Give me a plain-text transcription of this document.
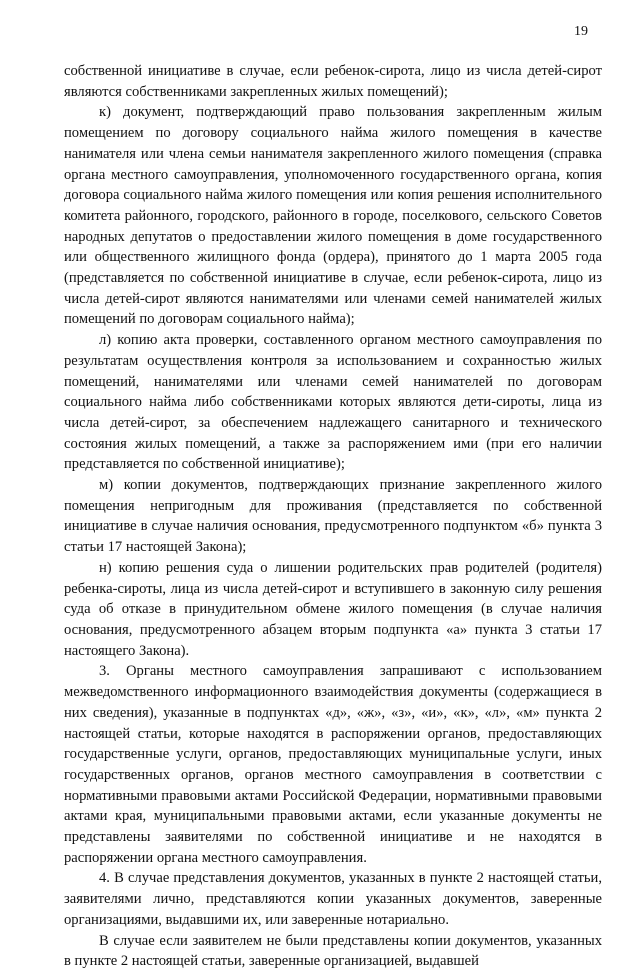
19

собственной инициативе в случае, если ребенок-сирота, лицо из числа детей-сирот являются собственниками закрепленных жилых помещений);

к) документ, подтверждающий право пользования закрепленным жилым помещением по договору социального найма жилого помещения в качестве нанимателя или члена семьи нанимателя закрепленного жилого помещения (справка органа местного самоуправления, уполномоченного государственного органа, копия договора социального найма жилого помещения или копия решения исполнительного комитета районного, городского, районного в городе, поселкового, сельского Советов народных депутатов о предоставлении жилого помещения в доме государственного или общественного жилищного фонда (ордера), принятого до 1 марта 2005 года (представляется по собственной инициативе в случае, если ребенок-сирота, лицо из числа детей-сирот являются нанимателями или членами семей нанимателей жилых помещений по договорам социального найма);

л) копию акта проверки, составленного органом местного самоуправления по результатам осуществления контроля за использованием и сохранностью жилых помещений, нанимателями или членами семей нанимателей по договорам социального найма либо собственниками которых являются дети-сироты, лица из числа детей-сирот, за обеспечением надлежащего санитарного и технического состояния жилых помещений, а также за распоряжением ими (при его наличии представляется по собственной инициативе);

м) копии документов, подтверждающих признание закрепленного жилого помещения непригодным для проживания (представляется по собственной инициативе в случае наличия основания, предусмотренного подпунктом «б» пункта 3 статьи 17 настоящей Закона);

н) копию решения суда о лишении родительских прав родителей (родителя) ребенка-сироты, лица из числа детей-сирот и вступившего в законную силу решения суда об отказе в принудительном обмене жилого помещения (в случае наличия основания, предусмотренного абзацем вторым подпункта «а» пункта 3 статьи 17 настоящего Закона).

3. Органы местного самоуправления запрашивают с использованием межведомственного информационного взаимодействия документы (содержащиеся в них сведения), указанные в подпунктах «д», «ж», «з», «и», «к», «л», «м» пункта 2 настоящей статьи, которые находятся в распоряжении органов, предоставляющих государственные услуги, органов, предоставляющих муниципальные услуги, иных государственных органов, органов местного самоуправления в соответствии с нормативными правовыми актами Российской Федерации, нормативными правовыми актами края, муниципальными правовыми актами, если указанные документы не представлены заявителями по собственной инициативе и не находятся в распоряжении органа местного самоуправления.

4. В случае представления документов, указанных в пункте 2 настоящей статьи, заявителями лично, представляются копии указанных документов, заверенные организациями, выдавшими их, или заверенные нотариально.

В случае если заявителем не были представлены копии документов, указанных в пункте 2 настоящей статьи, заверенные организацией, выдавшей
